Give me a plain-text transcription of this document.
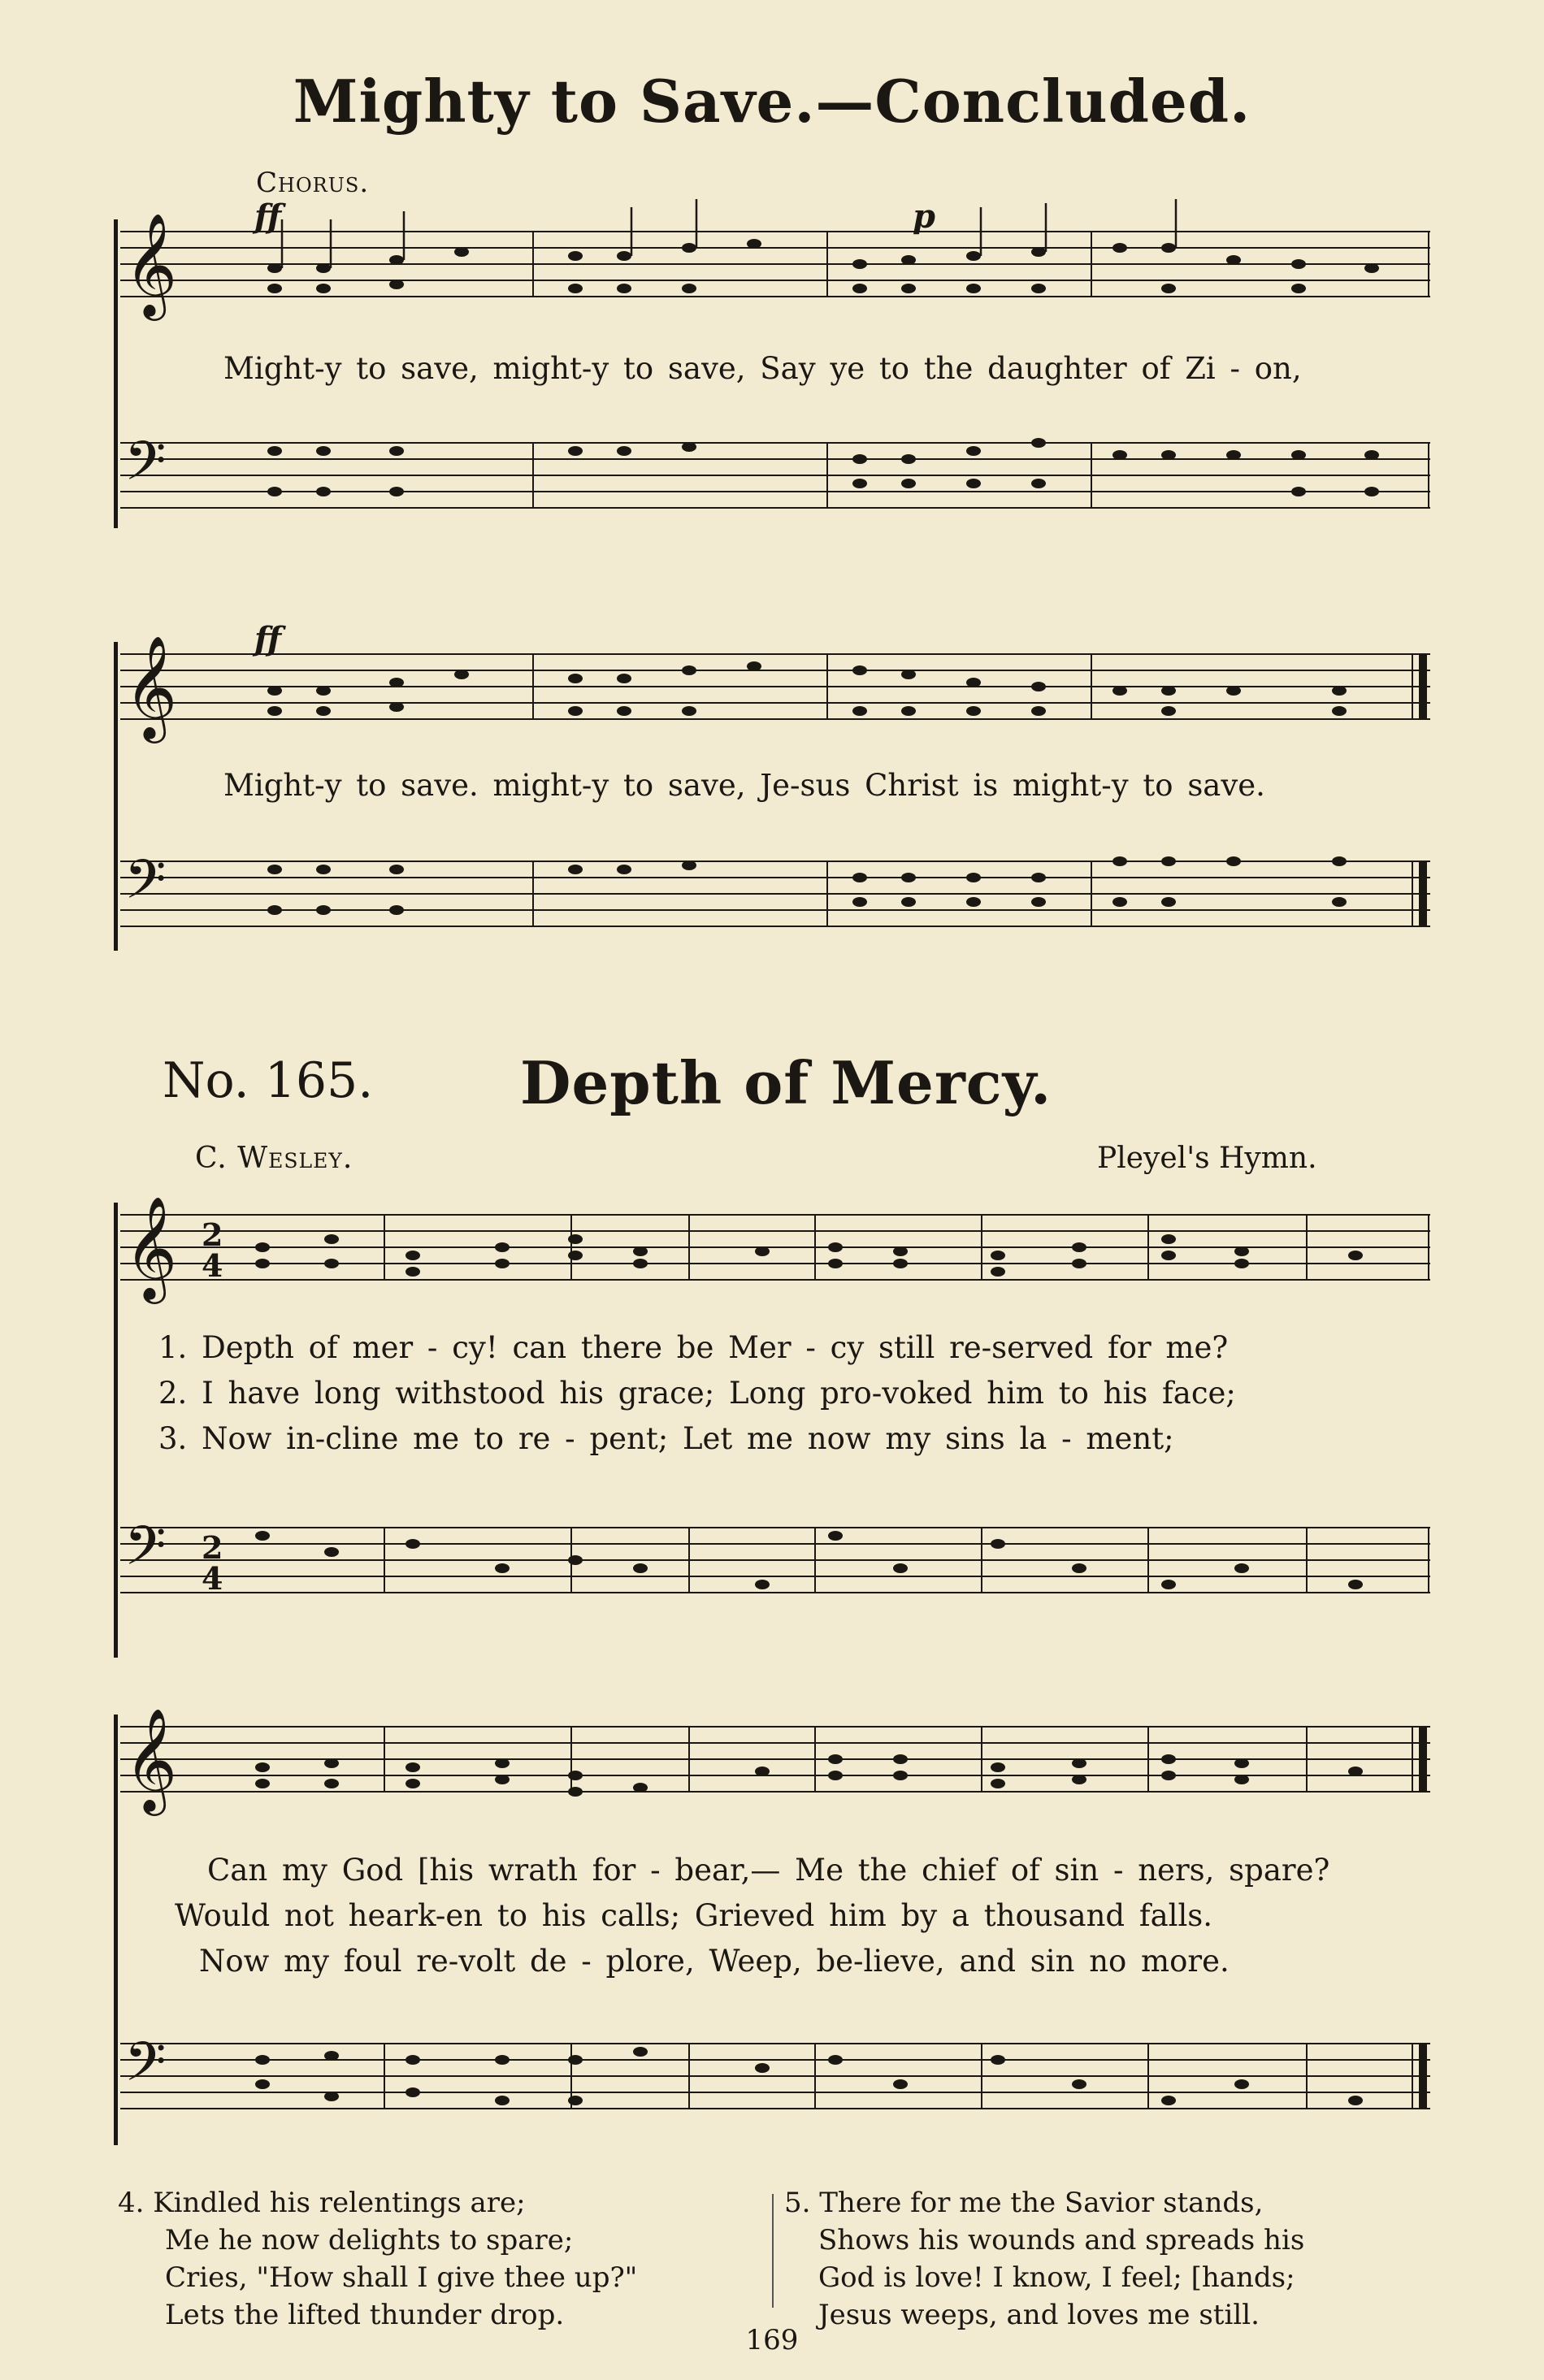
Mighty to Save.—Concluded.
Chorus.
𝄞 ff	p
Might-y to save, might-y to save, Say ye to the daughter of Zi - on,
𝄢
𝄞 ff
Might-y to save. might-y to save, Je-sus Christ is might-y to save.
𝄢
No. 165.	Depth of Mercy.
C. Wesley.	Pleyel's Hymn.
𝄞 2
4
1. Depth of mer - cy! can there be Mer - cy still re-served for me?
2. I have long withstood his grace; Long pro-voked him to his face;
3. Now in-cline me to re - pent; Let me now my sins la - ment;
𝄢 2
4
𝄞
Can my God [his wrath for - bear,— Me the chief of sin - ners, spare?
Would not heark-en to his calls; Grieved him by a thousand falls.
Now my foul re-volt de - plore, Weep, be-lieve, and sin no more.
𝄢
4. Kindled his relentings are;
Me he now delights to spare;
Cries, "How shall I give thee up?"
Lets the lifted thunder drop.
5. There for me the Savior stands,
Shows his wounds and spreads his
God is love! I know, I feel; [hands;
Jesus weeps, and loves me still.
169
